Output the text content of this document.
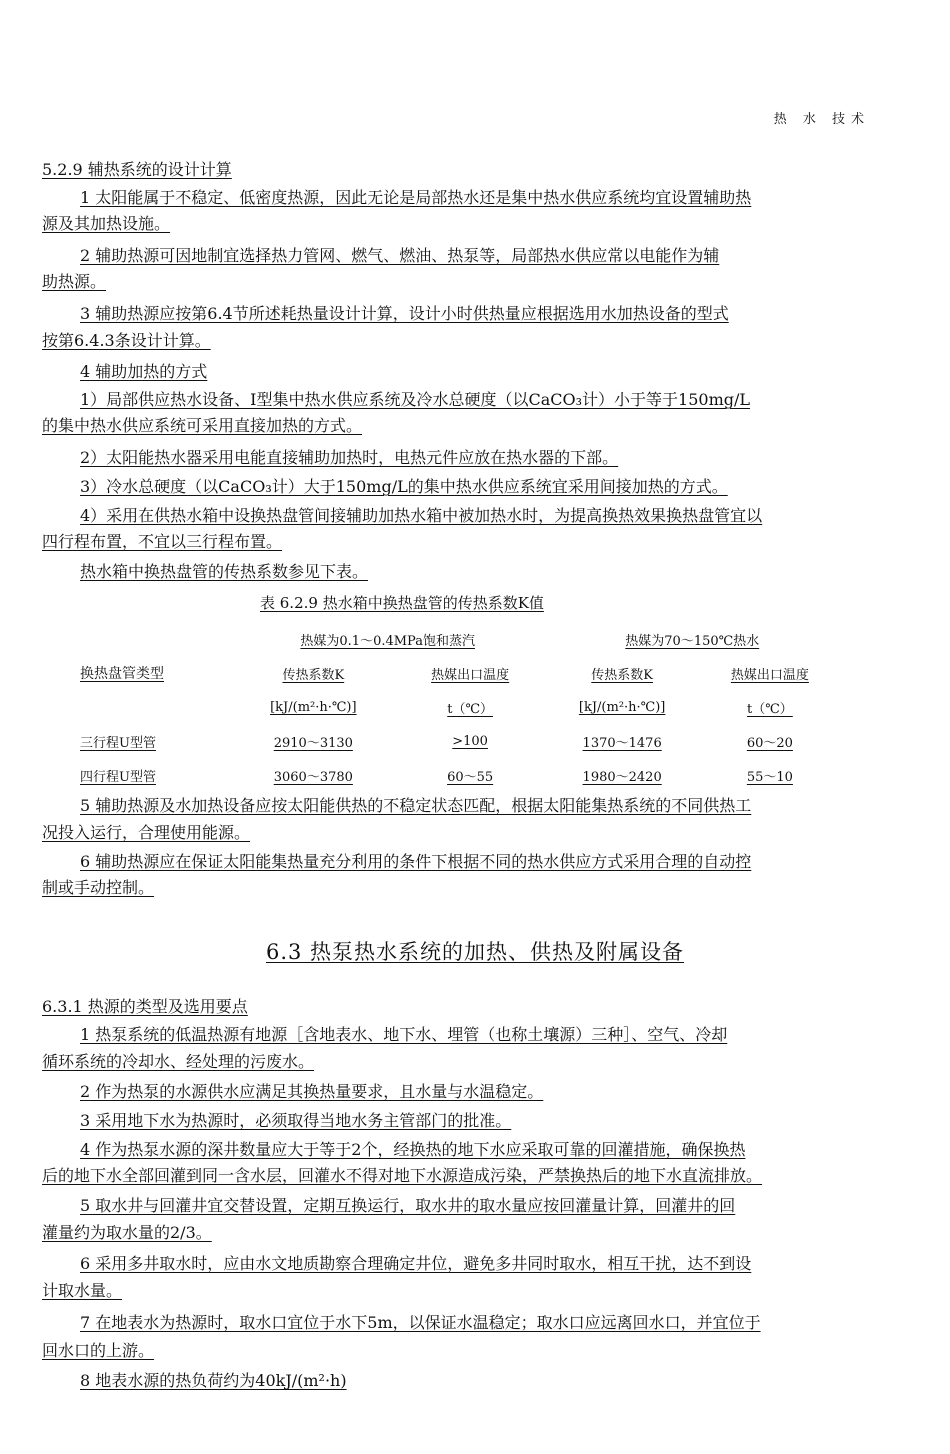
热 水 技术
5.2.9 辅热系统的设计计算
1 太阳能属于不稳定、低密度热源，因此无论是局部热水还是集中热水供应系统均宜设置辅助热
源及其加热设施。
2 辅助热源可因地制宜选择热力管网、燃气、燃油、热泵等，局部热水供应常以电能作为辅
助热源。
3 辅助热源应按第6.4节所述耗热量设计计算，设计小时供热量应根据选用水加热设备的型式
按第6.4.3条设计计算。
4 辅助加热的方式
1）局部供应热水设备、Ⅰ型集中热水供应系统及冷水总硬度（以CaCO₃计）小于等于150mg/L
的集中热水供应系统可采用直接加热的方式。
2）太阳能热水器采用电能直接辅助加热时，电热元件应放在热水器的下部。
3）冷水总硬度（以CaCO₃计）大于150mg/L的集中热水供应系统宜采用间接加热的方式。
4）采用在供热水箱中设换热盘管间接辅助加热水箱中被加热水时，为提高换热效果换热盘管宜以
四行程布置，不宜以三行程布置。
热水箱中换热盘管的传热系数参见下表。
表 6.2.9 热水箱中换热盘管的传热系数K值
换热盘管类型	热媒为0.1～0.4MPa饱和蒸汽		热媒为70～150℃热水	
	传热系数K	热媒出口温度	传热系数K	热媒出口温度
	[kJ/(m²·h·℃)]	t（℃）	[kJ/(m²·h·℃)]	t（℃）
三行程U型管	2910～3130	>100	1370～1476	60～20
四行程U型管	3060～3780	60～55	1980～2420	55～10
5 辅助热源及水加热设备应按太阳能供热的不稳定状态匹配，根据太阳能集热系统的不同供热工
况投入运行，合理使用能源。
6 辅助热源应在保证太阳能集热量充分利用的条件下根据不同的热水供应方式采用合理的自动控
制或手动控制。
6.3 热泵热水系统的加热、供热及附属设备
6.3.1 热源的类型及选用要点
1 热泵系统的低温热源有地源［含地表水、地下水、埋管（也称土壤源）三种］、空气、冷却
循环系统的冷却水、经处理的污废水。
2 作为热泵的水源供水应满足其换热量要求，且水量与水温稳定。
3 采用地下水为热源时，必须取得当地水务主管部门的批准。
4 作为热泵水源的深井数量应大于等于2个，经换热的地下水应采取可靠的回灌措施，确保换热
后的地下水全部回灌到同一含水层，回灌水不得对地下水源造成污染，严禁换热后的地下水直流排放。
5 取水井与回灌井宜交替设置，定期互换运行，取水井的取水量应按回灌量计算，回灌井的回
灌量约为取水量的2/3。
6 采用多井取水时，应由水文地质勘察合理确定井位，避免多井同时取水，相互干扰，达不到设
计取水量。
7 在地表水为热源时，取水口宜位于水下5m，以保证水温稳定；取水口应远离回水口，并宜位于
回水口的上游。
8 地表水源的热负荷约为40kJ/(m²·h)
